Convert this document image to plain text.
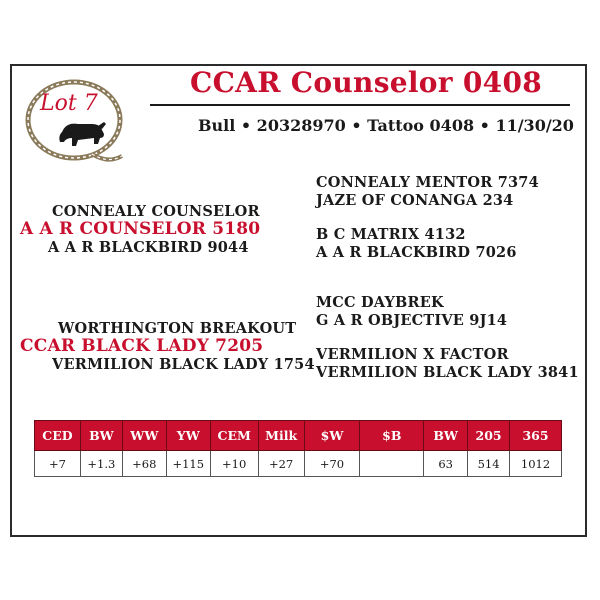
Lot 7
CCAR Counselor 0408
Bull • 20328970 • Tattoo 0408 • 11/30/20
CONNEALY COUNSELOR
A A R COUNSELOR 5180
A A R BLACKBIRD 9044
WORTHINGTON BREAKOUT
CCAR BLACK LADY 7205
VERMILION BLACK LADY 1754
CONNEALY MENTOR 7374
JAZE OF CONANGA 234
B C MATRIX 4132
A A R BLACKBIRD 7026
MCC DAYBREK
G A R OBJECTIVE 9J14
VERMILION X FACTOR
VERMILION BLACK LADY 3841
CED	BW	WW	YW	CEM	Milk	$W	$B	BW	205	365
+7	+1.3	+68	+115	+10	+27	+70		63	514	1012
